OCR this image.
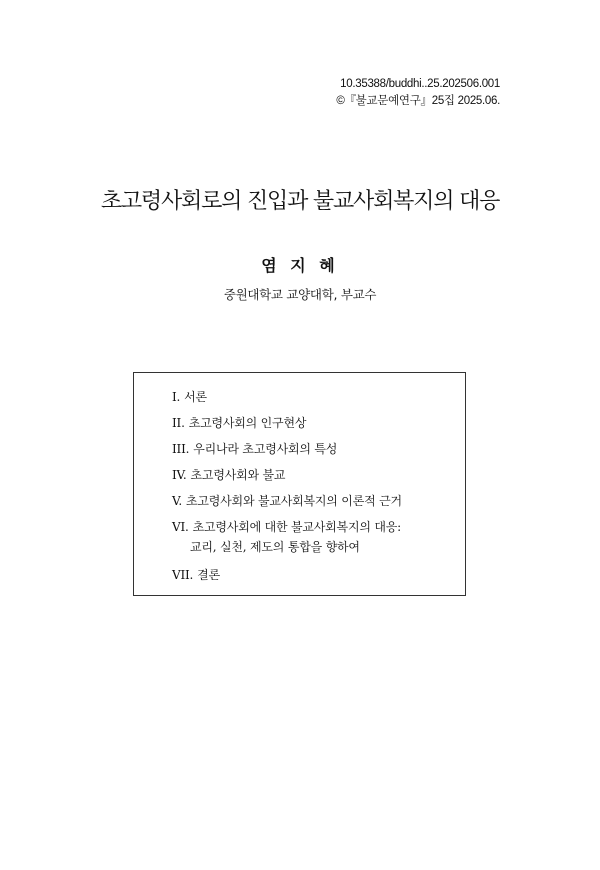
10.35388/buddhi..25.202506.001
©『불교문예연구』25집 2025.06.
초고령사회로의 진입과 불교사회복지의 대응
염 지 혜
중원대학교 교양대학, 부교수
I. 서론
II. 초고령사회의 인구현상
III. 우리나라 초고령사회의 특성
IV. 초고령사회와 불교
V. 초고령사회와 불교사회복지의 이론적 근거
VI. 초고령사회에 대한 불교사회복지의 대응:
교리, 실천, 제도의 통합을 향하여
VII. 결론
